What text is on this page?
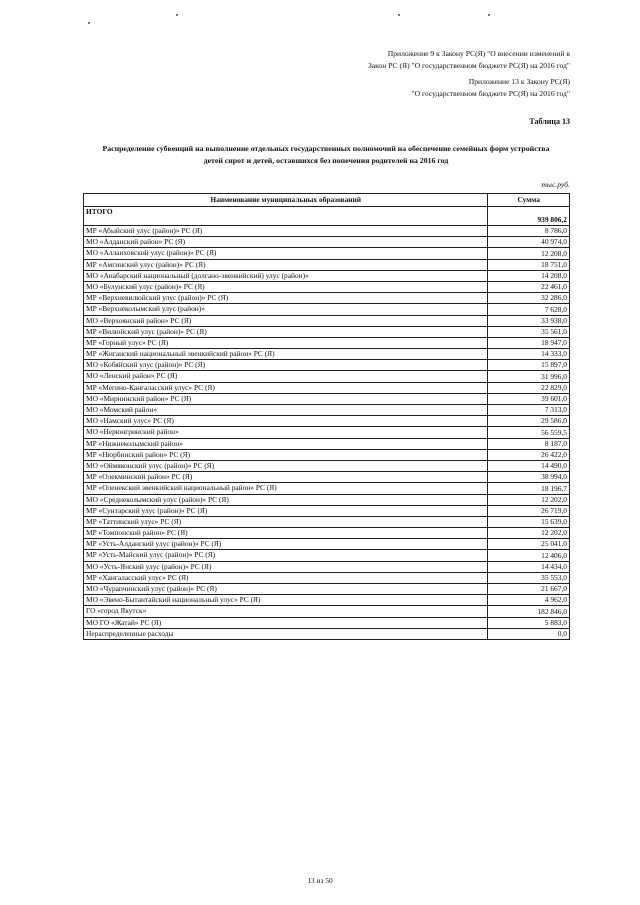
Приложение 9 к Закону РС(Я) "О внесении изменений в
Закон РС (Я) "О государственном бюджете РС(Я) на 2016 год"
Приложение 13 к Закону РС(Я)
"О государственном бюджете РС(Я) на 2016 год"
Таблица 13
Распределение субвенций на выполнение отдельных государственных полномочий на обеспечение семейных форм устройства
детей сирот и детей, оставшихся без попечения родителей на 2016 год
тыс.руб.
Наименование муниципальных образований	Сумма
ИТОГО	939 806,2
МР «Абыйский улус (район)» РС (Я)	8 786,0
МО «Алданский район» РС (Я)	40 974,0
МО «Аллаиховский улус (район)» РС (Я)	12 208,0
МР «Амгинский улус (район)» РС (Я)	18 751,0
МО «Анабарский национальный (долгано-эвенкийский) улус (район)»	14 208,0
МО «Булунский улус (район)» РС (Я)	22 461,0
МР «Верхневилюйский улус (район)» РС (Я)	32 286,0
МР «Верхнеколымский улус (район)»	7 628,0
МО «Верхоянский район» РС (Я)	33 938,0
МР «Вилюйский улус (район)» РС (Я)	35 561,0
МР «Горный улус» РС (Я)	18 947,0
МР «Жиганский национальный эвенкийский район» РС (Я)	14 333,0
МО «Кобяйский улус (район)» РС (Я)	15 897,0
МО «Ленский район» РС (Я)	31 996,0
МР «Мегино-Кангаласский улус» РС (Я)	22 829,0
МО «Мирнинский район» РС (Я)	39 601,0
МО «Момский район»	7 313,0
МО «Намский улус» РС (Я)	29 586,0
МО «Нерюнгринский район»	56 559,5
МР «Нижнеколымский район»	8 187,0
МР «Нюрбинский район» РС (Я)	26 422,0
МО «Оймяконский улус (район)» РС (Я)	14 490,0
МР «Олекминский район» РС (Я)	38 994,0
МР «Оленекский эвенкийский национальный район» РС (Я)	18 196,7
МО «Среднеколымский улус (район)» РС (Я)	12 202,0
МР «Сунтарский улус (район)» РС (Я)	26 719,0
МР «Таттинский улус» РС (Я)	15 639,0
МР «Томпонский район» РС (Я)	12 202,0
МР «Усть-Алданский улус (район)» РС (Я)	25 041,0
МР «Усть-Майский улус (район)» РС (Я)	12 406,0
МО «Усть-Янский улус (район)» РС (Я)	14 434,0
МР «Хангаласский улус» РС (Я)	35 553,0
МО «Чурапчинский улус (район)» РС (Я)	21 667,0
МО «Эвено-Бытантайский национальный улус» РС (Я)	4 962,0
ГО «город Якутск»	182 846,0
МО ГО «Жатай» РС (Я)	5 883,0
Нераспределенные расходы	0,0
13 из 50
